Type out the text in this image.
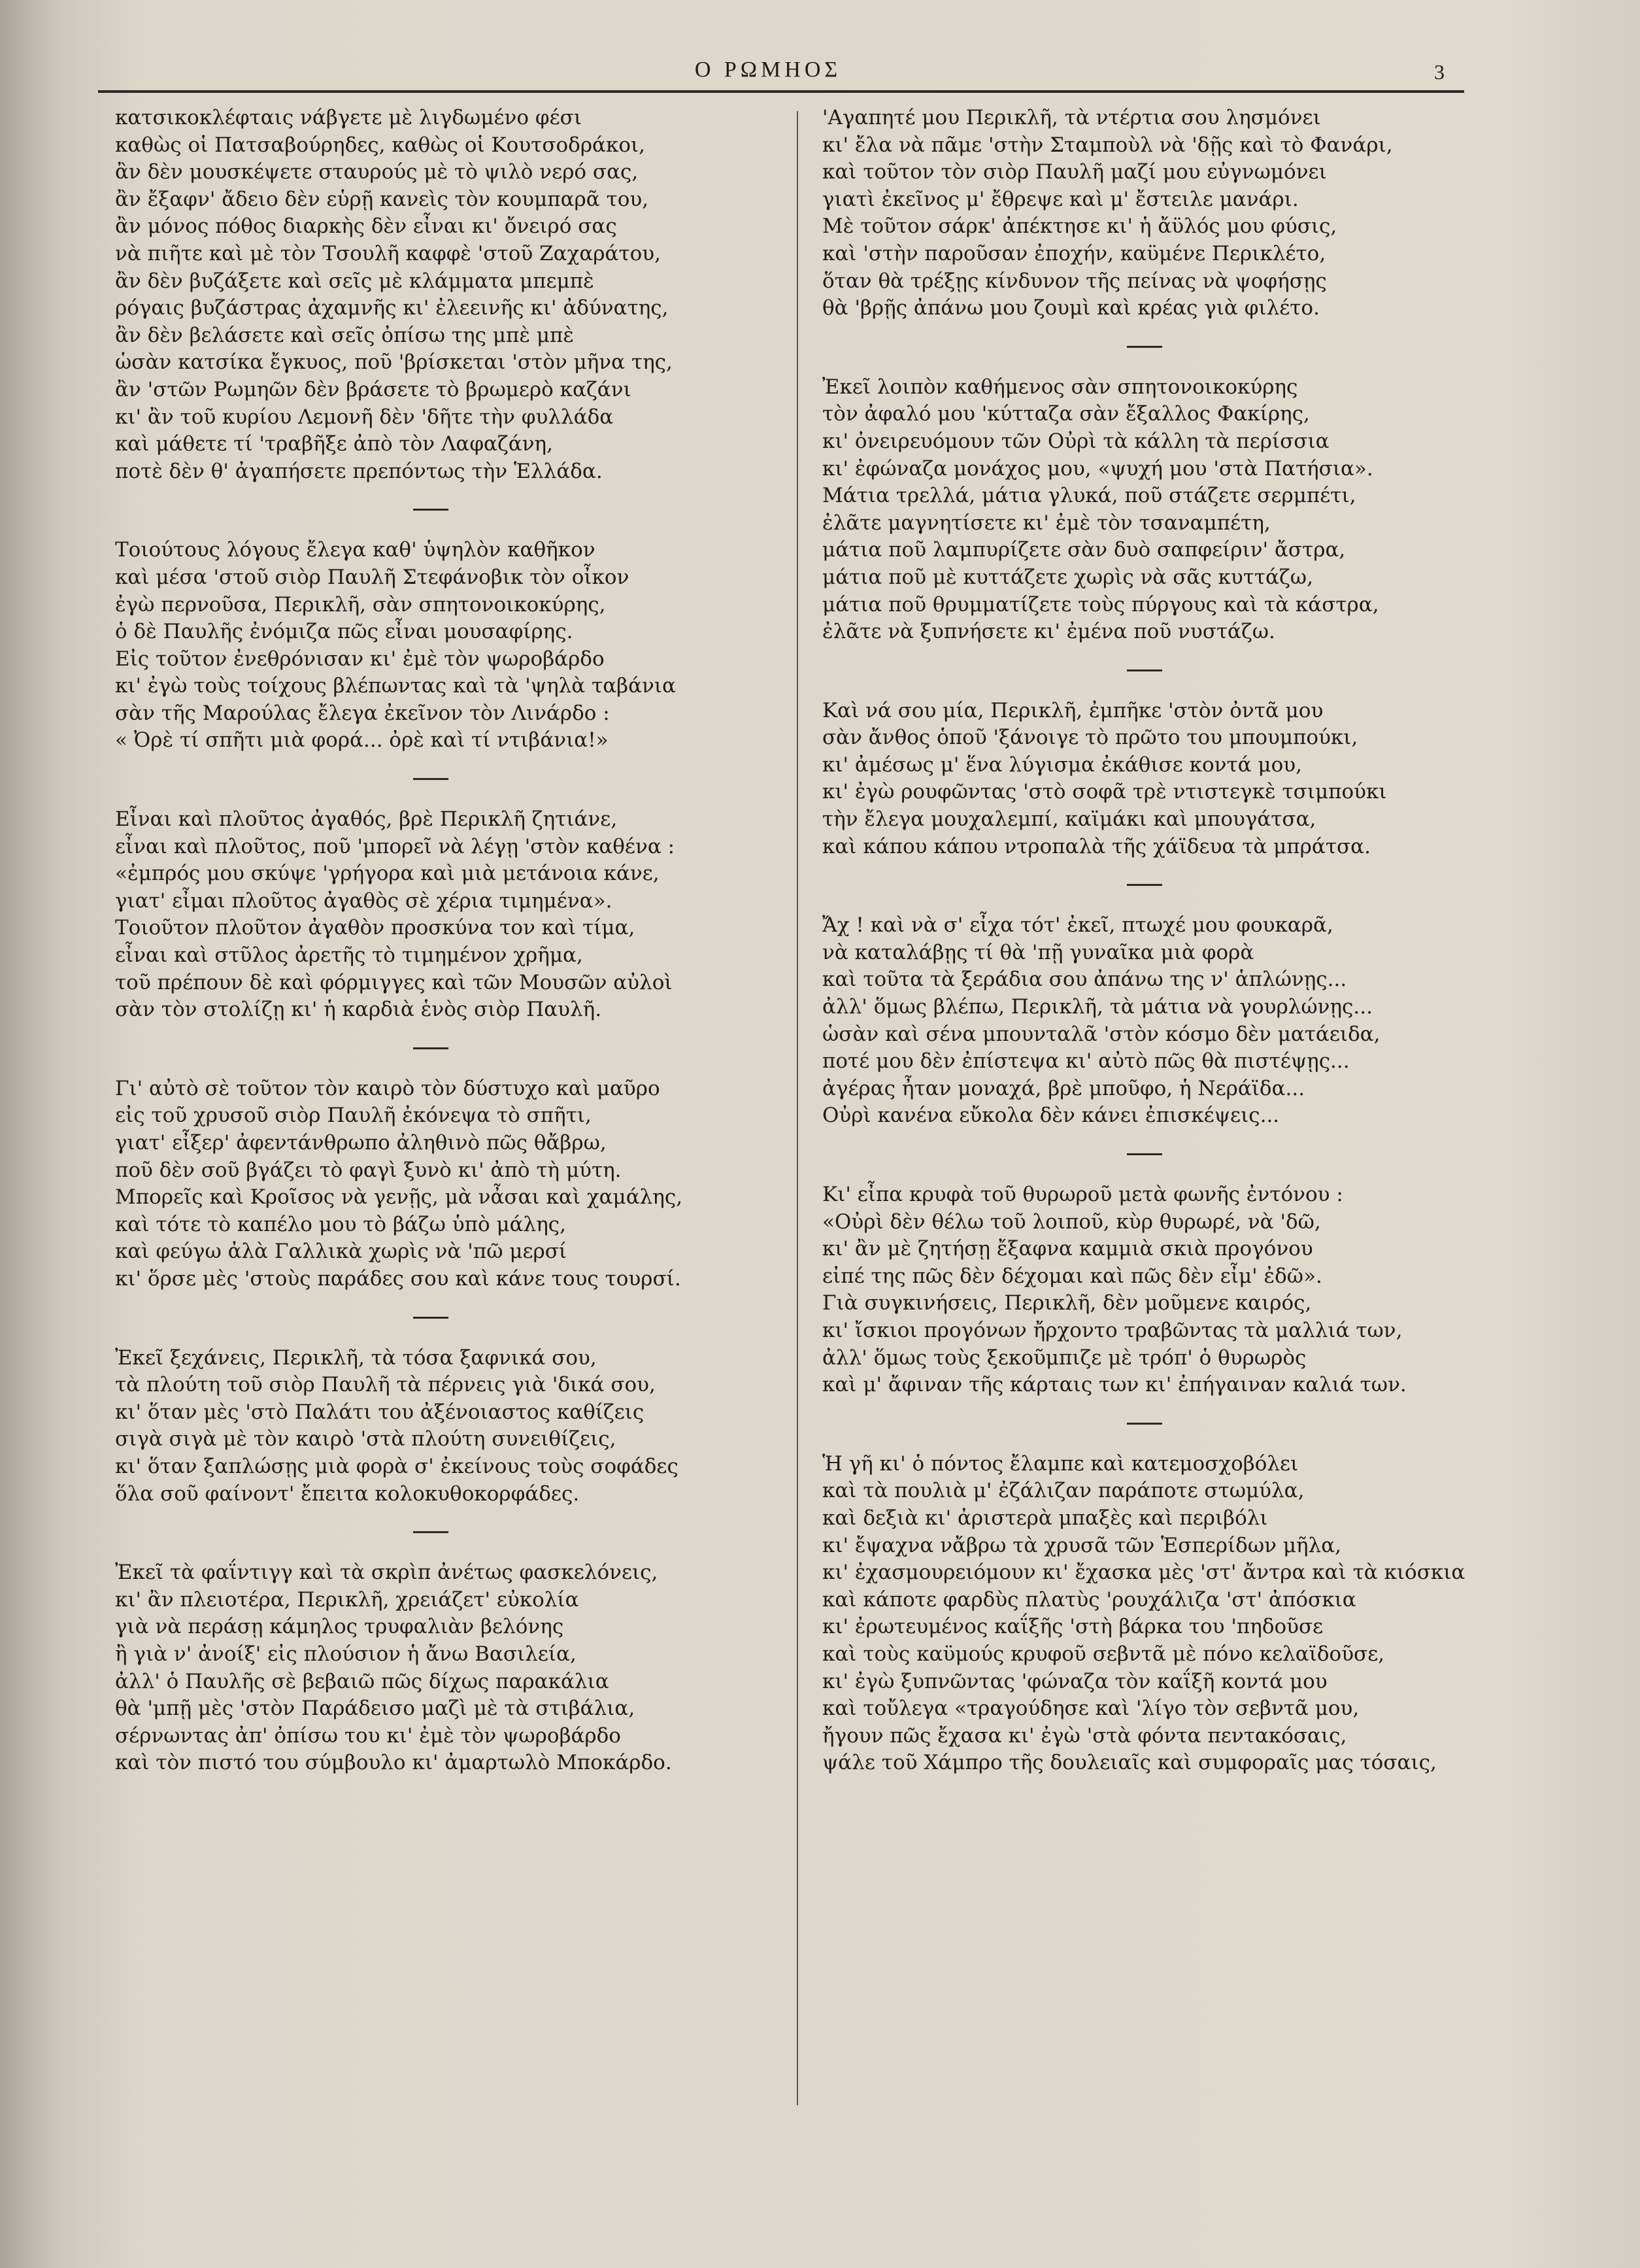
Ο ΡΩΜΗΟΣ	3
κατσικοκλέφταις νάβγετε μὲ λιγδωμένο φέσι
καθὼς οἱ Πατσαβούρηδες, καθὼς οἱ Κουτσοδράκοι,
ἂν δὲν μουσκέψετε σταυρούς μὲ τὸ ψιλὸ νερό σας,
ἂν ἔξαφν' ἄδειο δὲν εὑρῇ κανεὶς τὸν κουμπαρᾶ του,
ἂν μόνος πόθος διαρκὴς δὲν εἶναι κι' ὄνειρό σας
νὰ πιῆτε καὶ μὲ τὸν Τσουλῆ καφφὲ 'στοῦ Ζαχαράτου,
ἂν δὲν βυζάξετε καὶ σεῖς μὲ κλάμματα μπεμπὲ
ρόγαις βυζάστρας ἀχαμνῆς κι' ἐλεεινῆς κι' ἀδύνατης,
ἂν δὲν βελάσετε καὶ σεῖς ὀπίσω της μπὲ μπὲ
ὡσὰν κατσίκα ἔγκυος, ποῦ 'βρίσκεται 'στὸν μῆνα της,
ἂν 'στῶν Ρωμηῶν δὲν βράσετε τὸ βρωμερὸ καζάνι
κι' ἂν τοῦ κυρίου Λεμονῆ δὲν 'δῆτε τὴν φυλλάδα
καὶ μάθετε τί 'τραβῆξε ἀπὸ τὸν Λαφαζάνη,
ποτὲ δὲν θ' ἀγαπήσετε πρεπόντως τὴν Ἑλλάδα.
Τοιούτους λόγους ἔλεγα καθ' ὑψηλὸν καθῆκον
καὶ μέσα 'στοῦ σιὸρ Παυλῆ Στεφάνοβικ τὸν οἶκον
ἐγὼ περνοῦσα, Περικλῆ, σὰν σπητονοικοκύρης,
ὁ δὲ Παυλῆς ἐνόμιζα πῶς εἶναι μουσαφίρης.
Εἰς τοῦτον ἐνεθρόνισαν κι' ἐμὲ τὸν ψωροβάρδο
κι' ἐγὼ τοὺς τοίχους βλέπωντας καὶ τὰ 'ψηλὰ ταβάνια
σὰν τῆς Μαρούλας ἔλεγα ἐκεῖνον τὸν Λινάρδο :
« Ὀρὲ τί σπῆτι μιὰ φορά... ὀρὲ καὶ τί ντιβάνια!»
Εἶναι καὶ πλοῦτος ἀγαθός, βρὲ Περικλῆ ζητιάνε,
εἶναι καὶ πλοῦτος, ποῦ 'μπορεῖ νὰ λέγῃ 'στὸν καθένα :
«ἐμπρός μου σκύψε 'γρήγορα καὶ μιὰ μετάνοια κάνε,
γιατ' εἶμαι πλοῦτος ἀγαθὸς σὲ χέρια τιμημένα».
Τοιοῦτον πλοῦτον ἀγαθὸν προσκύνα τον καὶ τίμα,
εἶναι καὶ στῦλος ἀρετῆς τὸ τιμημένον χρῆμα,
τοῦ πρέπουν δὲ καὶ φόρμιγγες καὶ τῶν Μουσῶν αὐλοὶ
σὰν τὸν στολίζῃ κι' ἡ καρδιὰ ἑνὸς σιὸρ Παυλῆ.
Γι' αὐτὸ σὲ τοῦτον τὸν καιρὸ τὸν δύστυχο καὶ μαῦρο
εἰς τοῦ χρυσοῦ σιὸρ Παυλῆ ἐκόνεψα τὸ σπῆτι,
γιατ' εἶξερ' ἀφεντάνθρωπο ἀληθινὸ πῶς θἄβρω,
ποῦ δὲν σοῦ βγάζει τὸ φαγὶ ξυνὸ κι' ἀπὸ τὴ μύτη.
Μπορεῖς καὶ Κροῖσος νὰ γενῇς, μὰ νἆσαι καὶ χαμάλης,
καὶ τότε τὸ καπέλο μου τὸ βάζω ὑπὸ μάλης,
καὶ φεύγω ἀλὰ Γαλλικὰ χωρὶς νὰ 'πῶ μερσί
κι' ὅρσε μὲς 'στοὺς παράδες σου καὶ κάνε τους τουρσί.
Ἐκεῖ ξεχάνεις, Περικλῆ, τὰ τόσα ξαφνικά σου,
τὰ πλούτη τοῦ σιὸρ Παυλῆ τὰ πέρνεις γιὰ 'δικά σου,
κι' ὅταν μὲς 'στὸ Παλάτι του ἀξένοιαστος καθίζεις
σιγὰ σιγὰ μὲ τὸν καιρὸ 'στὰ πλούτη συνειθίζεις,
κι' ὅταν ξαπλώσῃς μιὰ φορὰ σ' ἐκείνους τοὺς σοφάδες
ὅλα σοῦ φαίνοντ' ἔπειτα κολοκυθοκορφάδες.
Ἐκεῖ τὰ φαΐντιγγ καὶ τὰ σκρὶπ ἀνέτως φασκελόνεις,
κι' ἂν πλειοτέρα, Περικλῆ, χρειάζετ' εὐκολία
γιὰ νὰ περάσῃ κάμηλος τρυφαλιὰν βελόνης
ἢ γιὰ ν' ἀνοίξ' εἰς πλούσιον ἡ ἄνω Βασιλεία,
ἀλλ' ὁ Παυλῆς σὲ βεβαιῶ πῶς δίχως παρακάλια
θὰ 'μπῇ μὲς 'στὸν Παράδεισο μαζὶ μὲ τὰ στιβάλια,
σέρνωντας ἀπ' ὀπίσω του κι' ἐμὲ τὸν ψωροβάρδο
καὶ τὸν πιστό του σύμβουλο κι' ἀμαρτωλὸ Μποκάρδο.
'Αγαπητέ μου Περικλῆ, τὰ ντέρτια σου λησμόνει
κι' ἔλα νὰ πᾶμε 'στὴν Σταμποὺλ νὰ 'δῇς καὶ τὸ Φανάρι,
καὶ τοῦτον τὸν σιὸρ Παυλῆ μαζί μου εὐγνωμόνει
γιατὶ ἐκεῖνος μ' ἔθρεψε καὶ μ' ἔστειλε μανάρι.
Μὲ τοῦτον σάρκ' ἀπέκτησε κι' ἡ ἄϋλός μου φύσις,
καὶ 'στὴν παροῦσαν ἐποχήν, καϋμένε Περικλέτο,
ὅταν θὰ τρέξῃς κίνδυνον τῆς πείνας νὰ ψοφήσῃς
θὰ 'βρῇς ἀπάνω μου ζουμὶ καὶ κρέας γιὰ φιλέτο.
Ἐκεῖ λοιπὸν καθήμενος σὰν σπητονοικοκύρης
τὸν ἀφαλό μου 'κύτταζα σὰν ἔξαλλος Φακίρης,
κι' ὀνειρευόμουν τῶν Οὐρὶ τὰ κάλλη τὰ περίσσια
κι' ἐφώναζα μονάχος μου, «ψυχή μου 'στὰ Πατήσια».
Μάτια τρελλά, μάτια γλυκά, ποῦ στάζετε σερμπέτι,
ἐλᾶτε μαγνητίσετε κι' ἐμὲ τὸν τσαναμπέτη,
μάτια ποῦ λαμπυρίζετε σὰν δυὸ σαπφείριν' ἄστρα,
μάτια ποῦ μὲ κυττάζετε χωρὶς νὰ σᾶς κυττάζω,
μάτια ποῦ θρυμματίζετε τοὺς πύργους καὶ τὰ κάστρα,
ἐλᾶτε νὰ ξυπνήσετε κι' ἐμένα ποῦ νυστάζω.
Καὶ νά σου μία, Περικλῆ, ἐμπῆκε 'στὸν ὀντᾶ μου
σὰν ἄνθος ὁποῦ 'ξάνοιγε τὸ πρῶτο του μπουμπούκι,
κι' ἀμέσως μ' ἕνα λύγισμα ἐκάθισε κοντά μου,
κι' ἐγὼ ρουφῶντας 'στὸ σοφᾶ τρὲ ντιστεγκὲ τσιμπούκι
τὴν ἔλεγα μουχαλεμπί, καϊμάκι καὶ μπουγάτσα,
καὶ κάπου κάπου ντροπαλὰ τῆς χάϊδευα τὰ μπράτσα.
Ἄχ ! καὶ νὰ σ' εἶχα τότ' ἐκεῖ, πτωχέ μου φουκαρᾶ,
νὰ καταλάβῃς τί θὰ 'πῇ γυναῖκα μιὰ φορὰ
καὶ τοῦτα τὰ ξεράδια σου ἀπάνω της ν' ἁπλώνῃς...
ἀλλ' ὅμως βλέπω, Περικλῆ, τὰ μάτια νὰ γουρλώνῃς...
ὡσὰν καὶ σένα μπουνταλᾶ 'στὸν κόσμο δὲν ματάειδα,
ποτέ μου δὲν ἐπίστεψα κι' αὐτὸ πῶς θὰ πιστέψῃς...
ἀγέρας ἦταν μοναχά, βρὲ μποῦφο, ἡ Νεράϊδα...
Οὐρὶ κανένα εὔκολα δὲν κάνει ἐπισκέψεις...
Κι' εἶπα κρυφὰ τοῦ θυρωροῦ μετὰ φωνῆς ἐντόνου :
«Οὐρὶ δὲν θέλω τοῦ λοιποῦ, κὺρ θυρωρέ, νὰ 'δῶ,
κι' ἂν μὲ ζητήσῃ ἔξαφνα καμμιὰ σκιὰ προγόνου
εἰπέ της πῶς δὲν δέχομαι καὶ πῶς δὲν εἶμ' ἐδῶ».
Γιὰ συγκινήσεις, Περικλῆ, δὲν μοῦμενε καιρός,
κι' ἴσκιοι προγόνων ἤρχοντο τραβῶντας τὰ μαλλιά των,
ἀλλ' ὅμως τοὺς ξεκοῦμπιζε μὲ τρόπ' ὁ θυρωρὸς
καὶ μ' ἄφιναν τῆς κάρταις των κι' ἐπήγαιναν καλιά των.
Ἡ γῆ κι' ὁ πόντος ἔλαμπε καὶ κατεμοσχοβόλει
καὶ τὰ πουλιὰ μ' ἐζάλιζαν παράποτε στωμύλα,
καὶ δεξιὰ κι' ἀριστερὰ μπαξὲς καὶ περιβόλι
κι' ἔψαχνα νἄβρω τὰ χρυσᾶ τῶν Ἑσπερίδων μῆλα,
κι' ἐχασμουρειόμουν κι' ἔχασκα μὲς 'στ' ἄντρα καὶ τὰ κιόσκια
καὶ κάποτε φαρδὺς πλατὺς 'ρουχάλιζα 'στ' ἀπόσκια
κι' ἐρωτευμένος καΐξῆς 'στὴ βάρκα του 'πηδοῦσε
καὶ τοὺς καϋμούς κρυφοῦ σεβντᾶ μὲ πόνο κελαϊδοῦσε,
κι' ἐγὼ ξυπνῶντας 'φώναζα τὸν καΐξῆ κοντά μου
καὶ τοὔλεγα «τραγούδησε καὶ 'λίγο τὸν σεβντᾶ μου,
ἤγουν πῶς ἔχασα κι' ἐγὼ 'στὰ φόντα πεντακόσαις,
ψάλε τοῦ Χάμπρο τῆς δουλειαῖς καὶ συμφοραῖς μας τόσαις,
